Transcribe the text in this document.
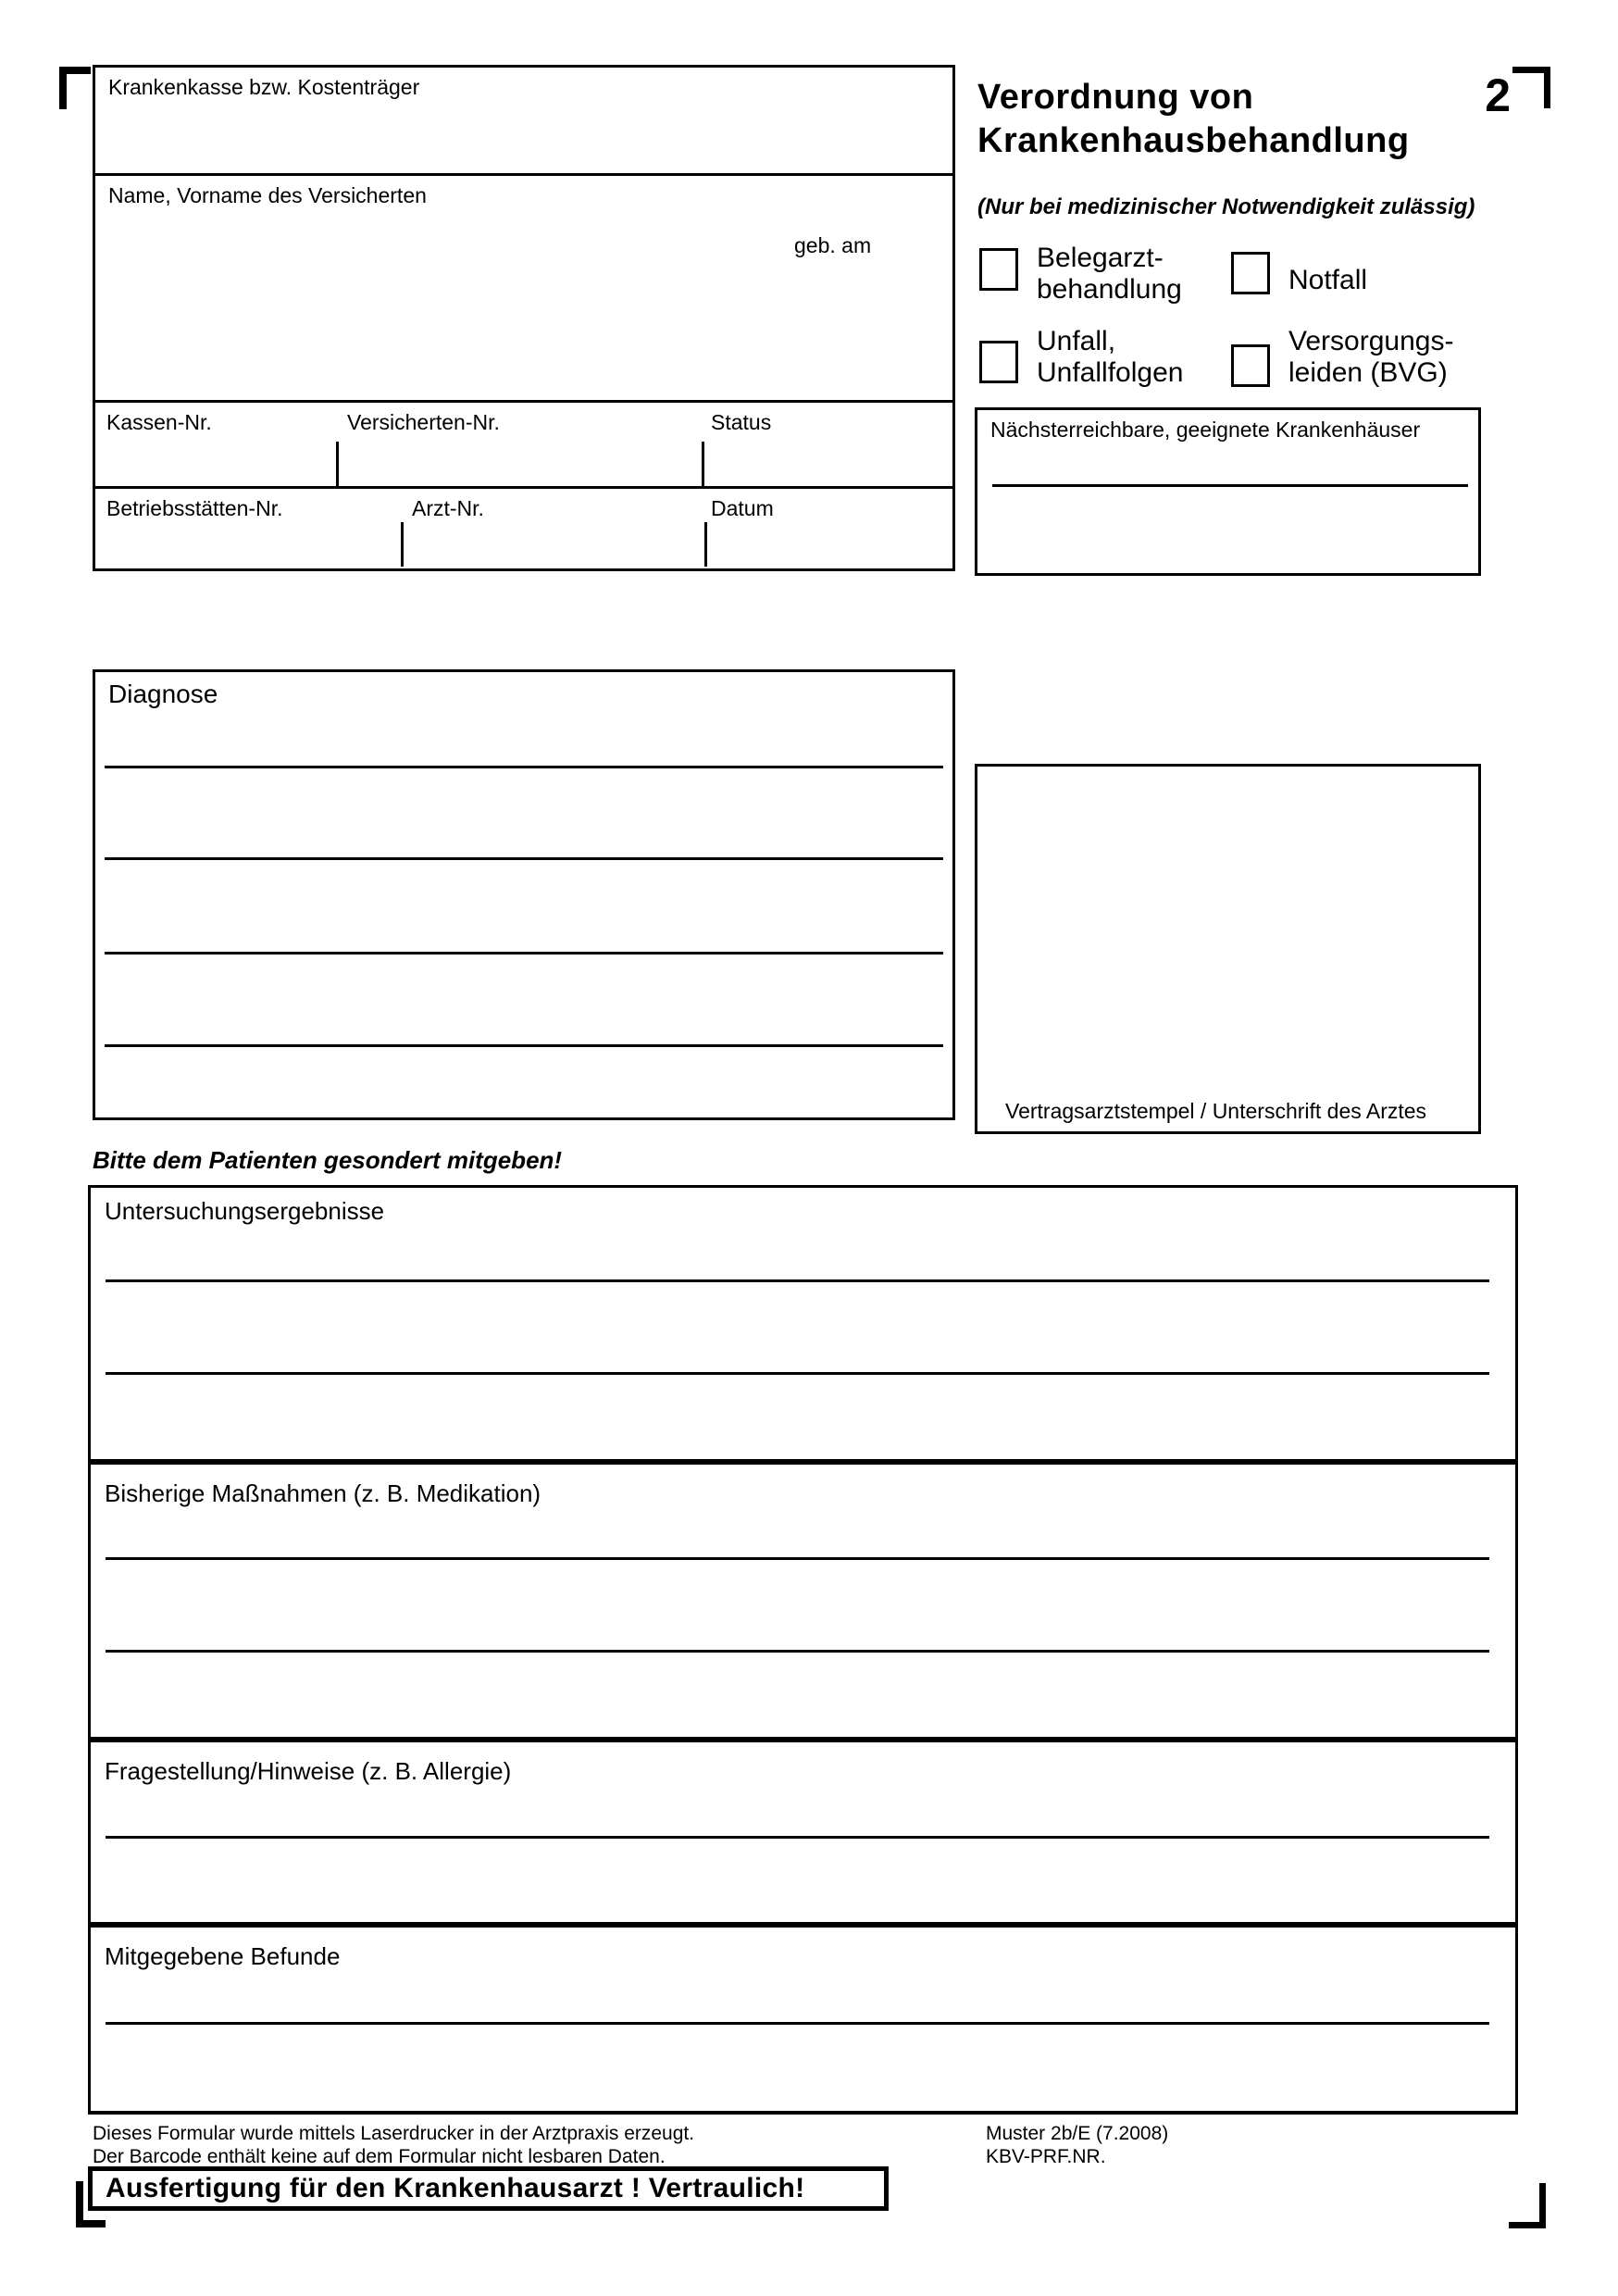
2
Verordnung von
Krankenhausbehandlung
(Nur bei medizinischer Notwendigkeit zulässig)
Krankenkasse bzw. Kostenträger
Name, Vorname des Versicherten
geb. am
Kassen-Nr.	Versicherten-Nr.	Status
Betriebsstätten-Nr.	Arzt-Nr.	Datum
Belegarzt-
behandlung	Notfall
Unfall,
Unfallfolgen
Versorgungs-
leiden (BVG)
Nächsterreichbare, geeignete Krankenhäuser
Diagnose
Vertragsarztstempel / Unterschrift des Arztes
Bitte dem Patienten gesondert mitgeben!
Untersuchungsergebnisse
Bisherige Maßnahmen (z. B. Medikation)
Fragestellung/Hinweise (z. B. Allergie)
Mitgegebene Befunde
Dieses Formular wurde mittels Laserdrucker in der Arztpraxis erzeugt.
Der Barcode enthält keine auf dem Formular nicht lesbaren Daten.
Muster 2b/E (7.2008)
KBV-PRF.NR.
Ausfertigung für den Krankenhausarzt ! Vertraulich!
